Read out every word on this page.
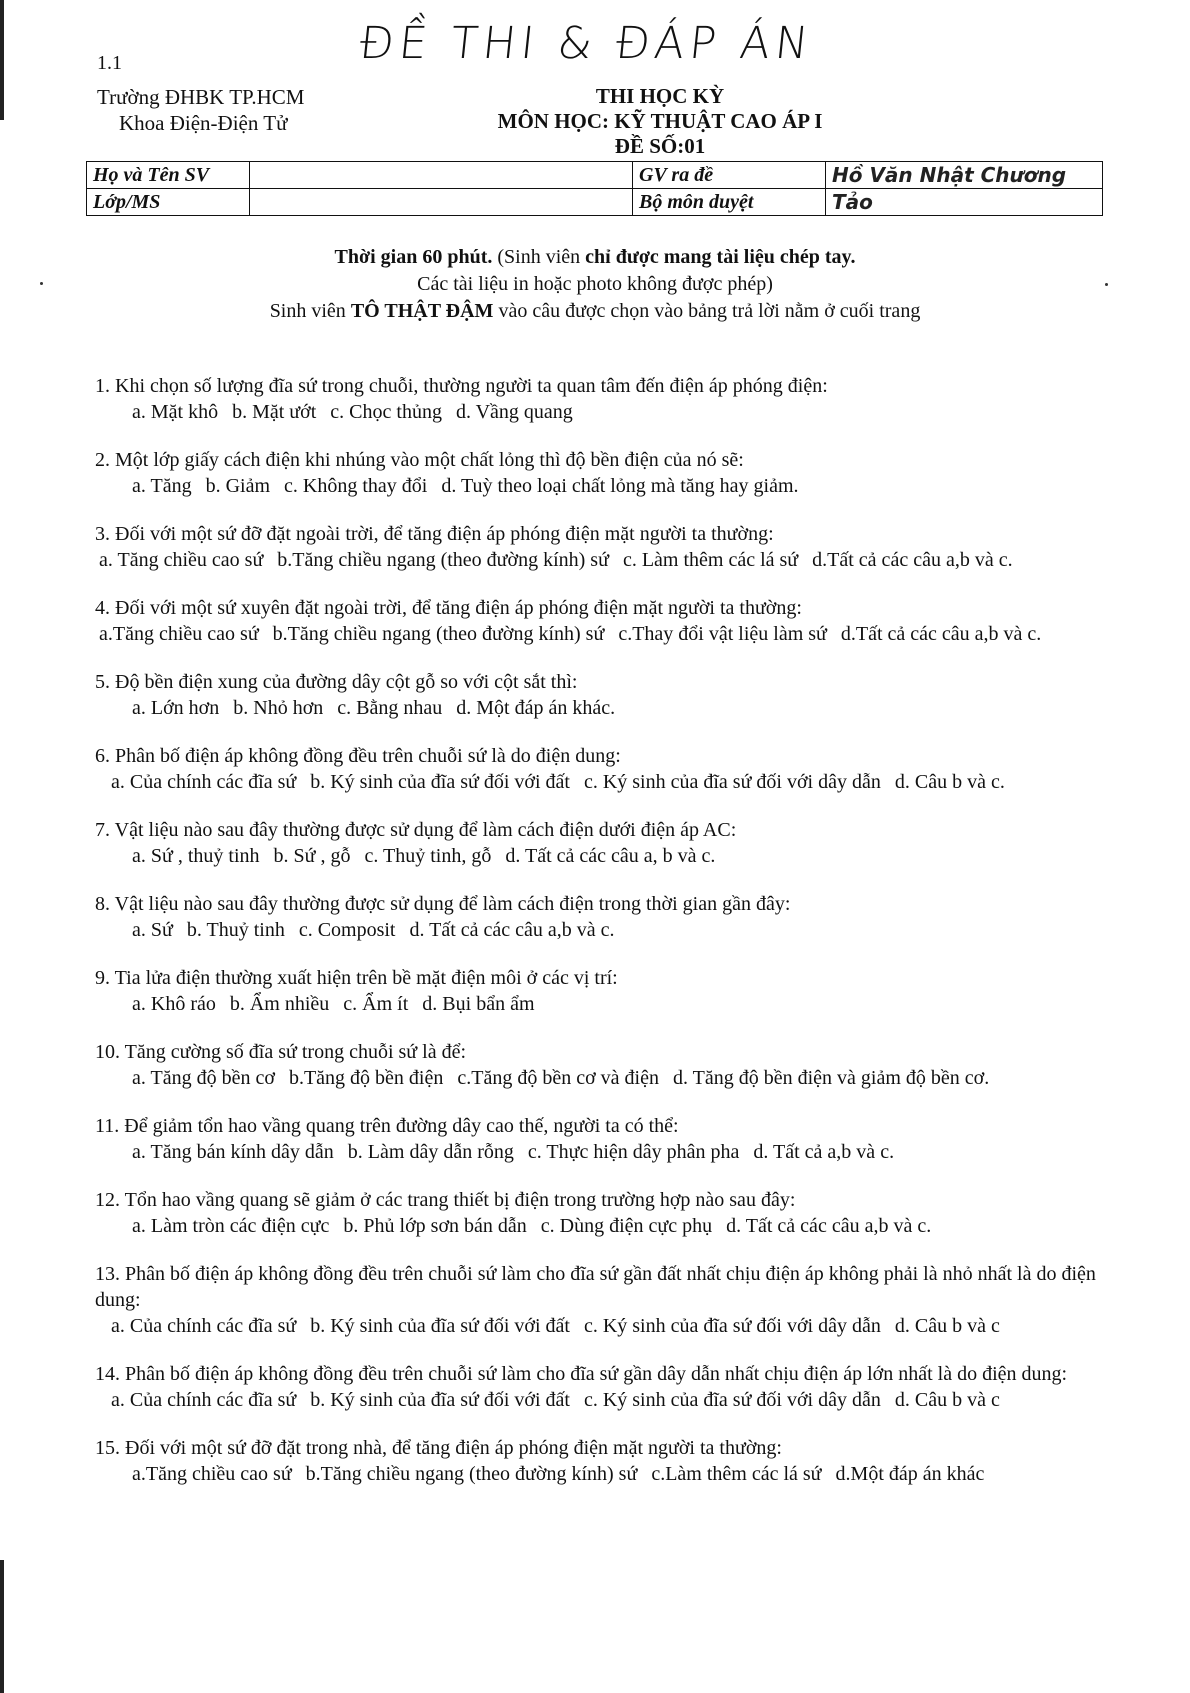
ĐỀ THI & ĐÁP ÁN
1.1
Trường ĐHBK TP.HCM
Khoa Điện-Điện Tử
THI HỌC KỲ
MÔN HỌC: KỸ THUẬT CAO ÁP I
ĐỀ SỐ:01
Họ và Tên SV		GV ra đề	Hồ Văn Nhật Chương
Lớp/MS		Bộ môn duyệt	Tảo
Thời gian 60 phút. (Sinh viên chỉ được mang tài liệu chép tay.
Các tài liệu in hoặc photo không được phép)
Sinh viên TÔ THẬT ĐẬM vào câu được chọn vào bảng trả lời nằm ở cuối trang
1. Khi chọn số lượng đĩa sứ trong chuỗi, thường người ta quan tâm đến điện áp phóng điện:
a. Mặt khô b. Mặt ướt c. Chọc thủng d. Vầng quang
2. Một lớp giấy cách điện khi nhúng vào một chất lỏng thì độ bền điện của nó sẽ:
a. Tăng b. Giảm c. Không thay đổi d. Tuỳ theo loại chất lỏng mà tăng hay giảm.
3. Đối với một sứ đỡ đặt ngoài trời, để tăng điện áp phóng điện mặt người ta thường:
a. Tăng chiều cao sứ b.Tăng chiều ngang (theo đường kính) sứ c. Làm thêm các lá sứ d.Tất cả các câu a,b và c.
4. Đối với một sứ xuyên đặt ngoài trời, để tăng điện áp phóng điện mặt người ta thường:
a.Tăng chiều cao sứ b.Tăng chiều ngang (theo đường kính) sứ c.Thay đổi vật liệu làm sứ d.Tất cả các câu a,b và c.
5. Độ bền điện xung của đường dây cột gỗ so với cột sắt thì:
a. Lớn hơn b. Nhỏ hơn c. Bằng nhau d. Một đáp án khác.
6. Phân bố điện áp không đồng đều trên chuỗi sứ là do điện dung:
a. Của chính các đĩa sứ b. Ký sinh của đĩa sứ đối với đất c. Ký sinh của đĩa sứ đối với dây dẫn d. Câu b và c.
7. Vật liệu nào sau đây thường được sử dụng để làm cách điện dưới điện áp AC:
a. Sứ , thuỷ tinh b. Sứ , gỗ c. Thuỷ tinh, gỗ d. Tất cả các câu a, b và c.
8. Vật liệu nào sau đây thường được sử dụng để làm cách điện trong thời gian gần đây:
a. Sứ b. Thuỷ tinh c. Composit d. Tất cả các câu a,b và c.
9. Tia lửa điện thường xuất hiện trên bề mặt điện môi ở các vị trí:
a. Khô ráo b. Ẩm nhiều c. Ẩm ít d. Bụi bẩn ẩm
10. Tăng cường số đĩa sứ trong chuỗi sứ là để:
a. Tăng độ bền cơ b.Tăng độ bền điện c.Tăng độ bền cơ và điện d. Tăng độ bền điện và giảm độ bền cơ.
11. Để giảm tổn hao vầng quang trên đường dây cao thế, người ta có thể:
a. Tăng bán kính dây dẫn b. Làm dây dẫn rỗng c. Thực hiện dây phân pha d. Tất cả a,b và c.
12. Tổn hao vầng quang sẽ giảm ở các trang thiết bị điện trong trường hợp nào sau đây:
a. Làm tròn các điện cực b. Phủ lớp sơn bán dẫn c. Dùng điện cực phụ d. Tất cả các câu a,b và c.
13. Phân bố điện áp không đồng đều trên chuỗi sứ làm cho đĩa sứ gần đất nhất chịu điện áp không phải là nhỏ nhất là do điện dung:
a. Của chính các đĩa sứ b. Ký sinh của đĩa sứ đối với đất c. Ký sinh của đĩa sứ đối với dây dẫn d. Câu b và c
14. Phân bố điện áp không đồng đều trên chuỗi sứ làm cho đĩa sứ gần dây dẫn nhất chịu điện áp lớn nhất là do điện dung:
a. Của chính các đĩa sứ b. Ký sinh của đĩa sứ đối với đất c. Ký sinh của đĩa sứ đối với dây dẫn d. Câu b và c
15. Đối với một sứ đỡ đặt trong nhà, để tăng điện áp phóng điện mặt người ta thường:
a.Tăng chiều cao sứ b.Tăng chiều ngang (theo đường kính) sứ c.Làm thêm các lá sứ d.Một đáp án khác
